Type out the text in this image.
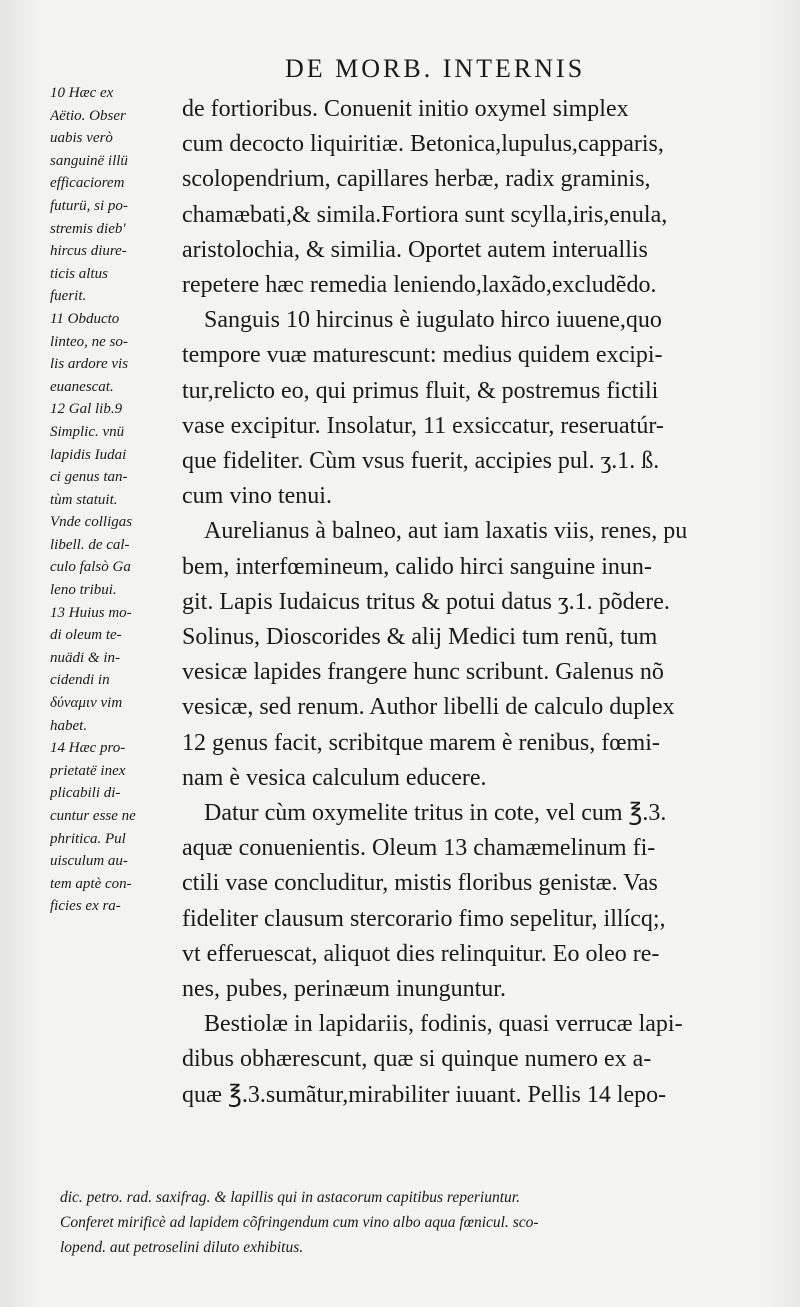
DE MORB. INTERNIS
10 Hæc ex
Aëtio. Obser
uabis verò
sanguinë illü
efficaciorem
futurü, si po-
stremis dieb'
hircus diure-
ticis altus
fuerit.
11 Obducto
linteo, ne so-
lis ardore vis
euanescat.
12 Gal lib.9
Simplic. vnü
lapidis Iudai
ci genus tan-
tùm statuit.
Vnde colligas
libell. de cal-
culo falsò Ga
leno tribui.
13 Huius mo-
di oleum te-
nuädi & in-
cidendi in
δύναμιν vim
habet.
14 Hæc pro-
prietatë inex
plicabili di-
cuntur esse ne
phritica. Pul
uisculum au-
tem aptè con-
ficies ex ra-
de fortioribus. Conuenit initio oxymel simplex
cum decocto liquiritiæ. Betonica,lupulus,capparis,
scolopendrium, capillares herbæ, radix graminis,
chamæbati,& simila.Fortiora sunt scylla,iris,enula,
aristolochia, & similia. Oportet autem interuallis
repetere hæc remedia leniendo,laxãdo,excludẽdo.
Sanguis 10 hircinus è iugulato hirco iuuene,quo
tempore vuæ maturescunt: medius quidem excipi-
tur,relicto eo, qui primus fluit, & postremus fictili
vase excipitur. Insolatur, 11 exsiccatur, reseruatúr-
que fideliter. Cùm vsus fuerit, accipies pul. ʒ.1. ß.
cum vino tenui.
Aurelianus à balneo, aut iam laxatis viis, renes, pu
bem, interfœmineum, calido hirci sanguine inun-
git. Lapis Iudaicus tritus & potui datus ʒ.1. põdere.
Solinus, Dioscorides & alij Medici tum renũ, tum
vesicæ lapides frangere hunc scribunt. Galenus nõ
vesicæ, sed renum. Author libelli de calculo duplex
12 genus facit, scribitque marem è renibus, fœmi-
nam è vesica calculum educere.
Datur cùm oxymelite tritus in cote, vel cum ℥.3.
aquæ conuenientis. Oleum 13 chamæmelinum fi-
ctili vase concluditur, mistis floribus genistæ. Vas
fideliter clausum stercorario fimo sepelitur, illícq;,
vt efferuescat, aliquot dies relinquitur. Eo oleo re-
nes, pubes, perinæum inunguntur.
Bestiolæ in lapidariis, fodinis, quasi verrucæ lapi-
dibus obhærescunt, quæ si quinque numero ex a-
quæ ℥.3.sumãtur,mirabiliter iuuant. Pellis 14 lepo-
dic. petro. rad. saxifrag. & lapillis qui in astacorum capitibus reperiuntur.
Conferet mirificè ad lapidem cõfringendum cum vino albo aqua fœnicul. sco-
lopend. aut petroselini diluto exhibitus.
